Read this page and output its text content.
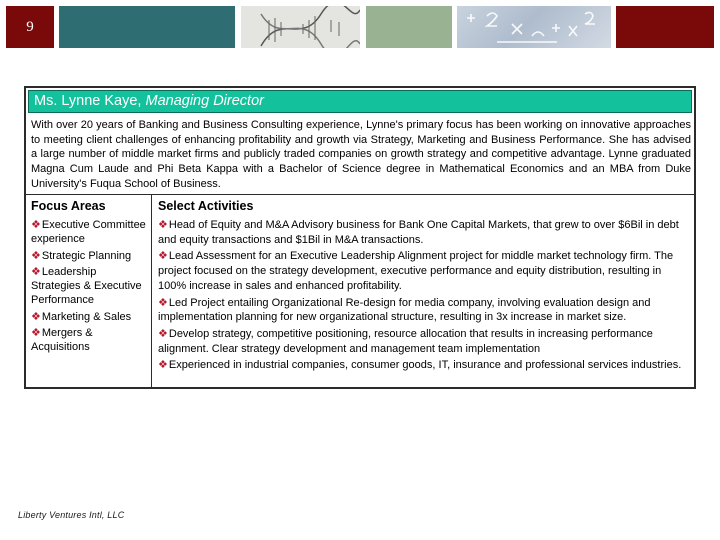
9
Ms. Lynne Kaye, Managing Director
With over 20 years of Banking and Business Consulting experience, Lynne's primary focus has been working on innovative approaches to meeting client challenges of enhancing profitability and growth via Strategy, Marketing and Business Performance. She has advised a large number of middle market firms and publicly traded companies on growth strategy and competitive advantage. Lynne graduated Magna Cum Laude and Phi Beta Kappa with a Bachelor of Science degree in Mathematical Economics and an MBA from Duke University's Fuqua School of Business.
Focus Areas	Select Activities
❖Executive Committee experience
❖Strategic Planning
❖Leadership Strategies & Executive Performance
❖Marketing & Sales
❖Mergers & Acquisitions
❖Head of Equity and M&A Advisory business for Bank One Capital Markets, that grew to over $6Bil in debt and equity transactions and $1Bil in M&A transactions.
❖Lead Assessment for an Executive Leadership Alignment project for middle market technology firm. The project focused on the strategy development, executive performance and equity distribution, resulting in 100% increase in sales and enhanced profitability.
❖Led Project entailing Organizational Re-design for media company, involving evaluation design and implementation planning for new organizational structure, resulting in 3x increase in market size.
❖Develop strategy, competitive positioning, resource allocation that results in increasing performance alignment. Clear strategy development and management team implementation
❖Experienced in industrial companies, consumer goods, IT, insurance and professional services industries.
Liberty Ventures Intl, LLC
